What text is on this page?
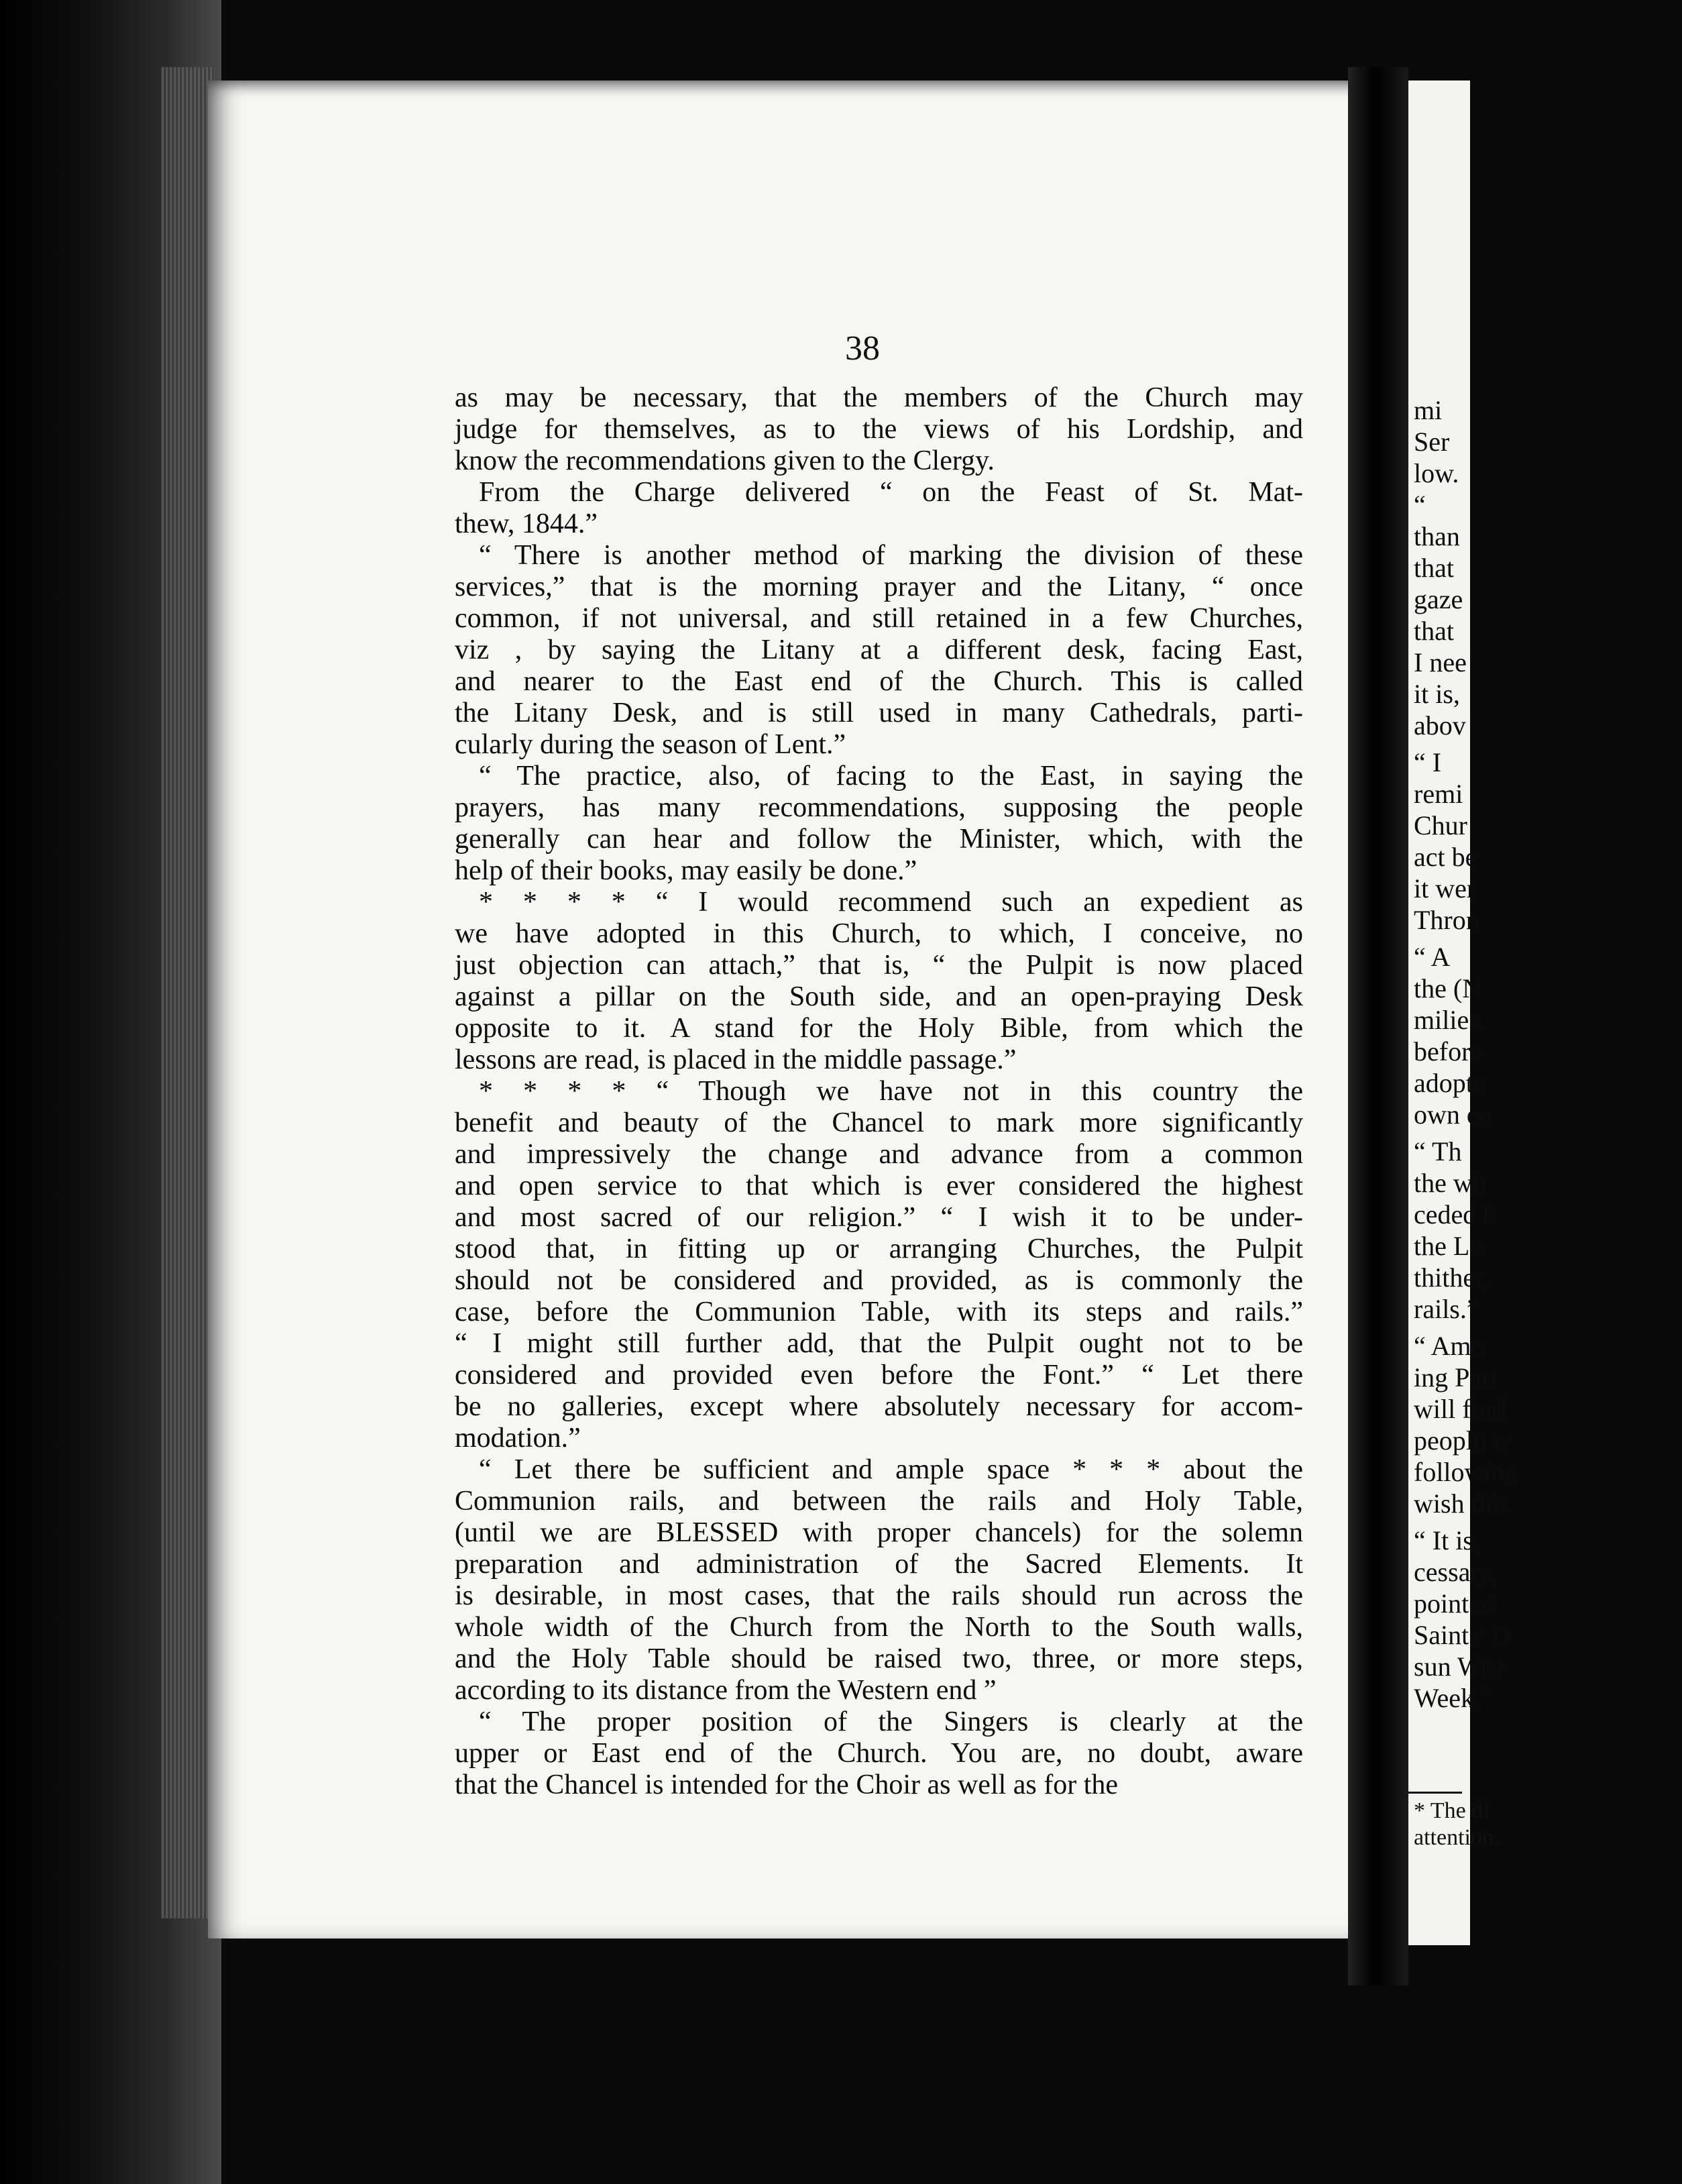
38
as may be necessary, that the members of the Church may
judge for themselves, as to the views of his Lordship, and
know the recommendations given to the Clergy.
From the Charge delivered “ on the Feast of St. Mat-
thew, 1844.”
“ There is another method of marking the division of these
services,” that is the morning prayer and the Litany, “ once
common, if not universal, and still retained in a few Churches,
viz , by saying the Litany at a different desk, facing East,
and nearer to the East end of the Church. This is called
the Litany Desk, and is still used in many Cathedrals, parti-
cularly during the season of Lent.”
“ The practice, also, of facing to the East, in saying the
prayers, has many recommendations, supposing the people
generally can hear and follow the Minister, which, with the
help of their books, may easily be done.”
* * * * “ I would recommend such an expedient as
we have adopted in this Church, to which, I conceive, no
just objection can attach,” that is, “ the Pulpit is now placed
against a pillar on the South side, and an open-praying Desk
opposite to it. A stand for the Holy Bible, from which the
lessons are read, is placed in the middle passage.”
* * * * “ Though we have not in this country the
benefit and beauty of the Chancel to mark more significantly
and impressively the change and advance from a common
and open service to that which is ever considered the highest
and most sacred of our religion.” “ I wish it to be under-
stood that, in fitting up or arranging Churches, the Pulpit
should not be considered and provided, as is commonly the
case, before the Communion Table, with its steps and rails.”
“ I might still further add, that the Pulpit ought not to be
considered and provided even before the Font.” “ Let there
be no galleries, except where absolutely necessary for accom-
modation.”
“ Let there be sufficient and ample space * * * about the
Communion rails, and between the rails and Holy Table,
(until we are BLESSED with proper chancels) for the solemn
preparation and administration of the Sacred Elements. It
is desirable, in most cases, that the rails should run across the
whole width of the Church from the North to the South walls,
and the Holy Table should be raised two, three, or more steps,
according to its distance from the Western end ”
“ The proper position of the Singers is clearly at the
upper or East end of the Church. You are, no doubt, aware
that the Chancel is intended for the Choir as well as for the
mi
Ser
low.
“
than
that
gaze
that
I nee
it is,
abov
“ I
remi
Chur
act be
it wer
Thron
“ A
the (N
milies.
before
adopte
own co
“ Th
the wh
ceded b
the Lo
thither,
rails.”
“ Amo
ing Pari
will find
people w
following
wish this
“ It is,
cessary,
pointed
Saints' D
sun Wee
Week.”
* The di
attention.
